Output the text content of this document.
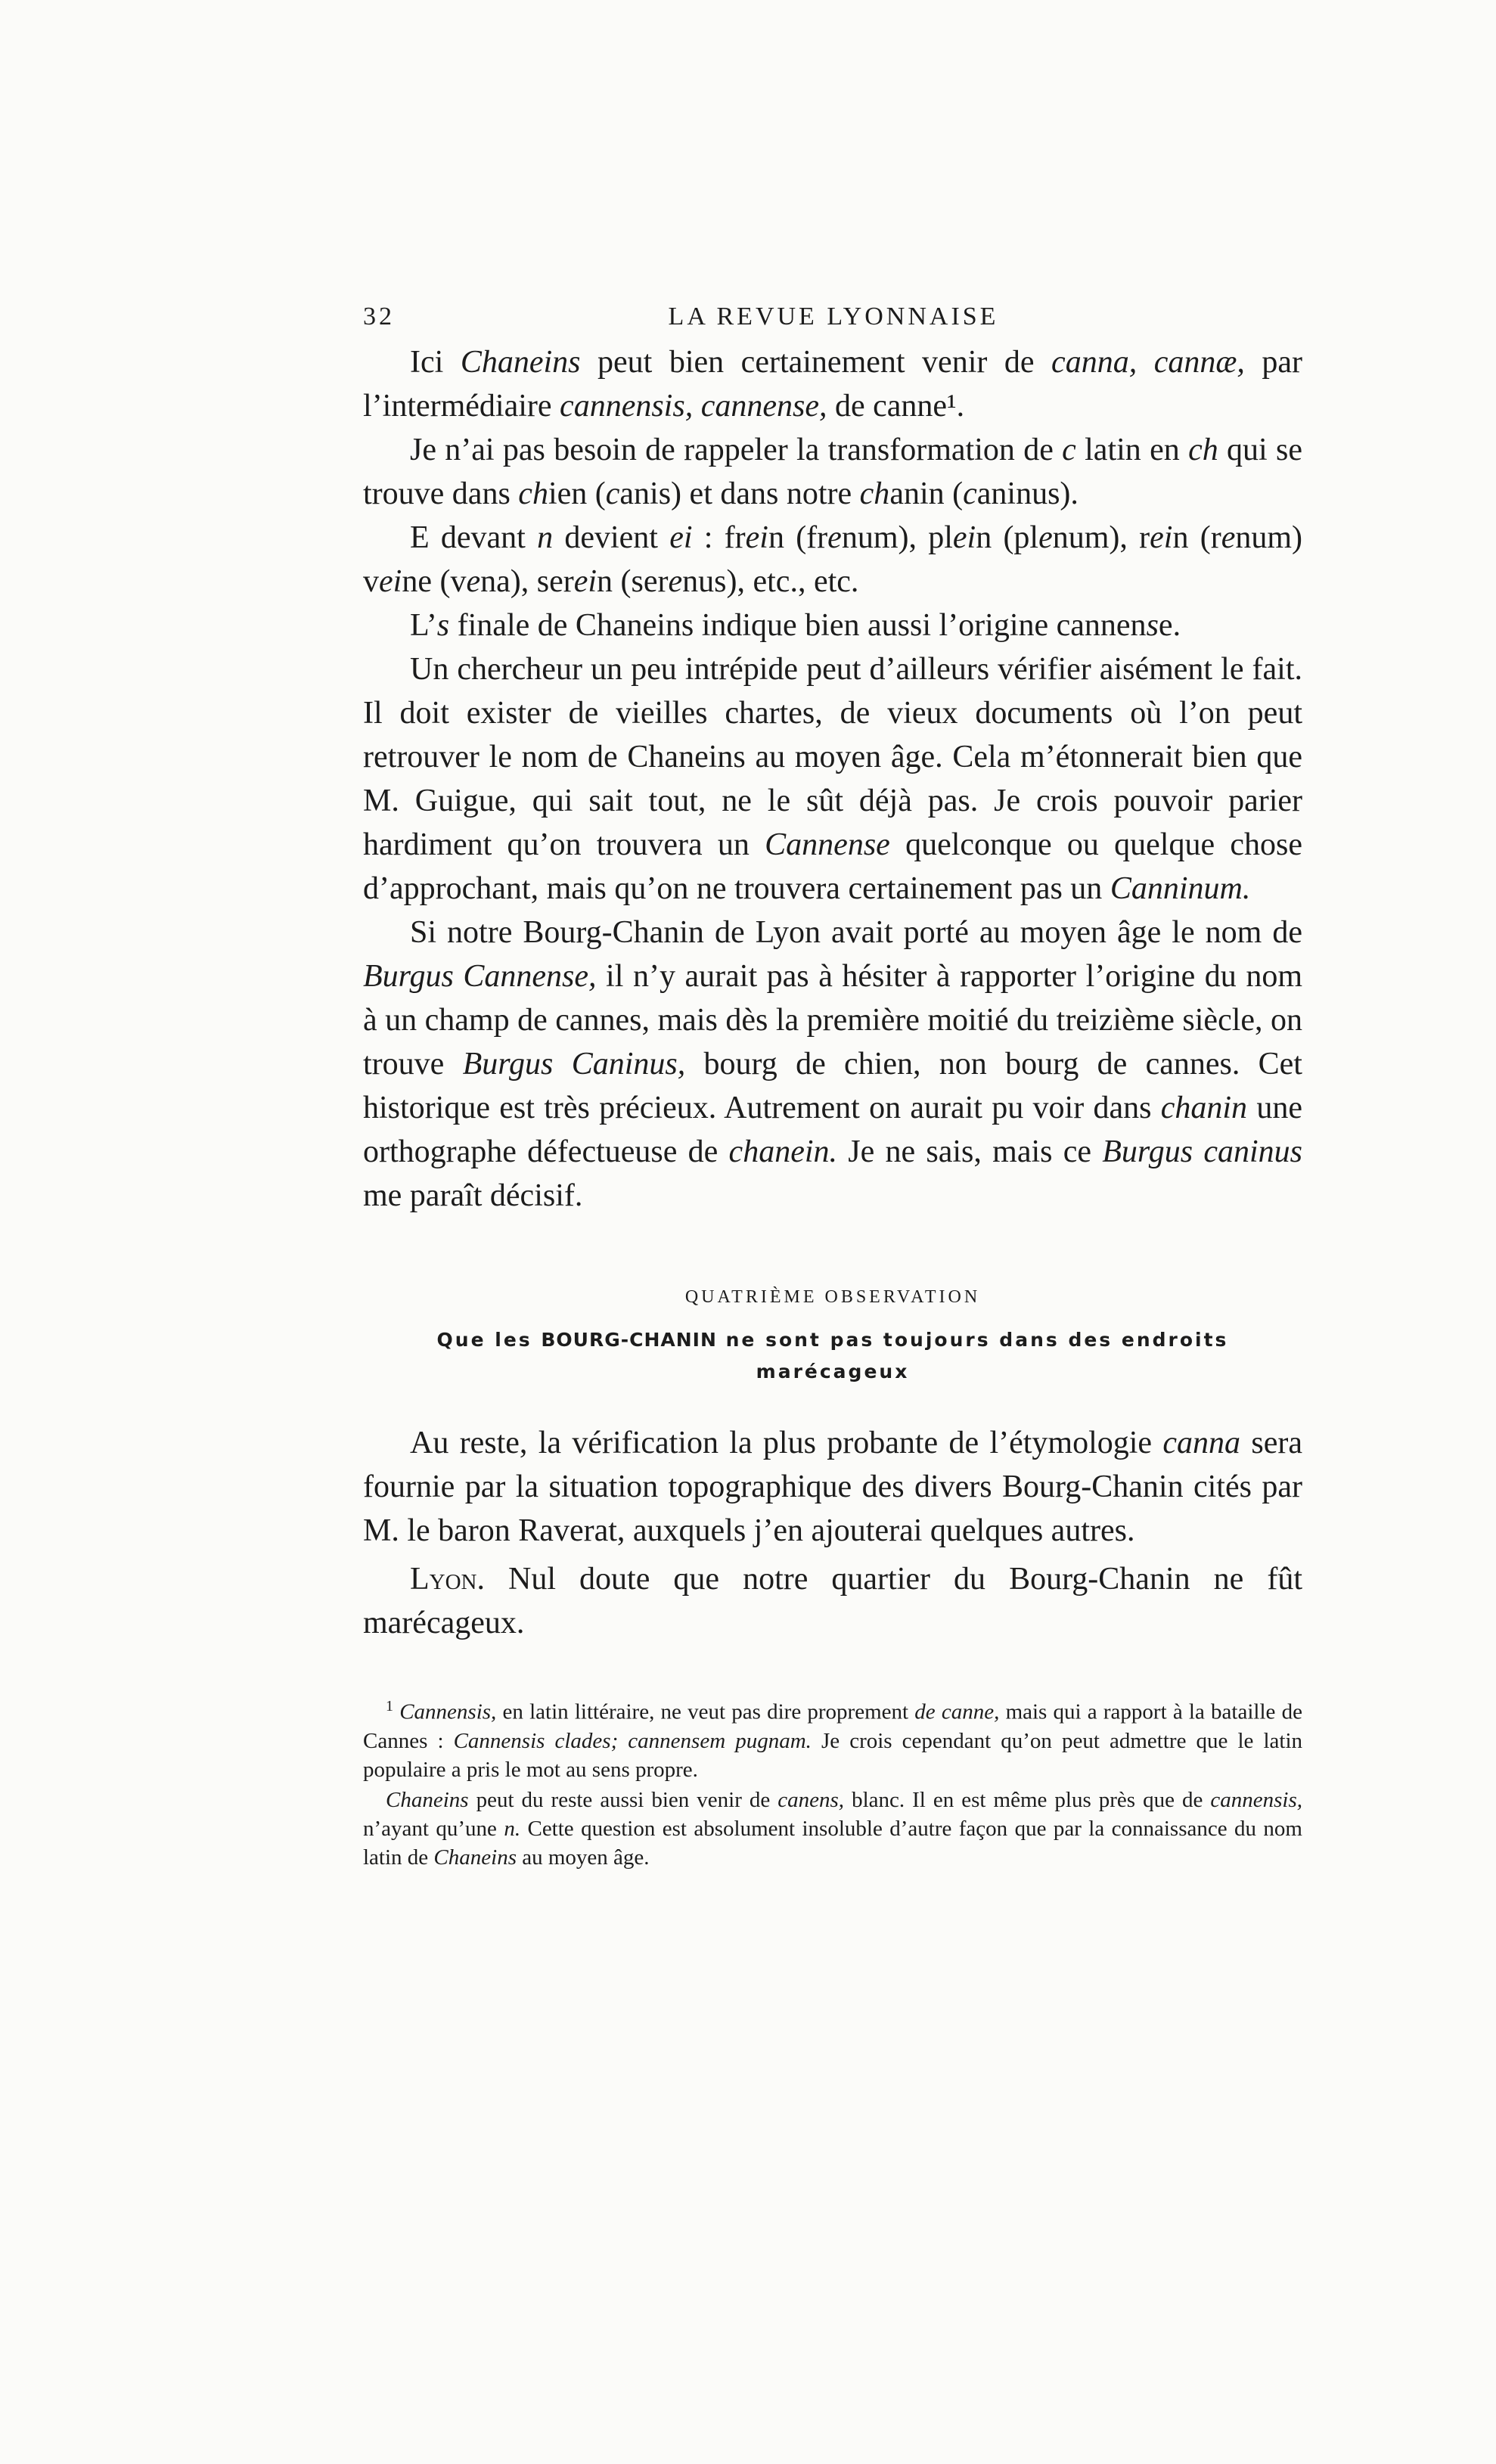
32	LA REVUE LYONNAISE

Ici Chaneins peut bien certainement venir de canna, cannæ, par l’intermédiaire cannensis, cannense, de canne¹.

Je n’ai pas besoin de rappeler la transformation de c latin en ch qui se trouve dans chien (canis) et dans notre chanin (caninus).

E devant n devient ei : frein (frenum), plein (plenum), rein (renum) veine (vena), serein (serenus), etc., etc.

L’s finale de Chaneins indique bien aussi l’origine cannense.

Un chercheur un peu intrépide peut d’ailleurs vérifier aisément le fait. Il doit exister de vieilles chartes, de vieux documents où l’on peut retrouver le nom de Chaneins au moyen âge. Cela m’étonnerait bien que M. Guigue, qui sait tout, ne le sût déjà pas. Je crois pouvoir parier hardiment qu’on trouvera un Cannense quelconque ou quelque chose d’approchant, mais qu’on ne trouvera certainement pas un Canninum.

Si notre Bourg-Chanin de Lyon avait porté au moyen âge le nom de Burgus Cannense, il n’y aurait pas à hésiter à rapporter l’origine du nom à un champ de cannes, mais dès la première moitié du treizième siècle, on trouve Burgus Caninus, bourg de chien, non bourg de cannes. Cet historique est très précieux. Autrement on aurait pu voir dans chanin une orthographe défectueuse de chanein. Je ne sais, mais ce Burgus caninus me paraît décisif.

QUATRIÈME OBSERVATION
Que les BOURG-CHANIN ne sont pas toujours dans des endroits marécageux

Au reste, la vérification la plus probante de l’étymologie canna sera fournie par la situation topographique des divers Bourg-Chanin cités par M. le baron Raverat, auxquels j’en ajouterai quelques autres.

Lyon. Nul doute que notre quartier du Bourg-Chanin ne fût marécageux.

$^1$ Cannensis, en latin littéraire, ne veut pas dire proprement de canne, mais qui a rapport à la bataille de Cannes : Cannensis clades; cannensem pugnam. Je crois cependant qu’on peut admettre que le latin populaire a pris le mot au sens propre.

Chaneins peut du reste aussi bien venir de canens, blanc. Il en est même plus près que de cannensis, n’ayant qu’une n. Cette question est absolument insoluble d’autre façon que par la connaissance du nom latin de Chaneins au moyen âge.
